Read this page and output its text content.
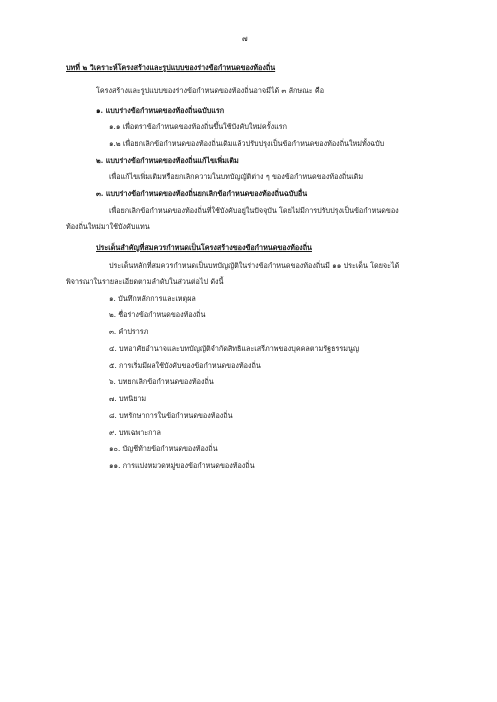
๗
บทที่ ๒ วิเคราะห์โครงสร้างและรูปแบบของร่างข้อกำหนดของท้องถิ่น
โครงสร้างและรูปแบบของร่างข้อกำหนดของท้องถิ่นอาจมีได้ ๓ ลักษณะ คือ
๑. แบบร่างข้อกำหนดของท้องถิ่นฉบับแรก
๑.๑ เพื่อตราข้อกำหนดของท้องถิ่นขึ้นใช้บังคับใหม่ครั้งแรก
๑.๒ เพื่อยกเลิกข้อกำหนดของท้องถิ่นเดิมแล้วปรับปรุงเป็นข้อกำหนดของท้องถิ่นใหม่ทั้งฉบับ
๒. แบบร่างข้อกำหนดของท้องถิ่นแก้ไขเพิ่มเติม
เพื่อแก้ไขเพิ่มเติมหรือยกเลิกความในบทบัญญัติต่าง ๆ ของข้อกำหนดของท้องถิ่นเดิม
๓. แบบร่างข้อกำหนดของท้องถิ่นยกเลิกข้อกำหนดของท้องถิ่นฉบับอื่น
เพื่อยกเลิกข้อกำหนดของท้องถิ่นที่ใช้บังคับอยู่ในปัจจุบัน โดยไม่มีการปรับปรุงเป็นข้อกำหนดของ
ท้องถิ่นใหม่มาใช้บังคับแทน
ประเด็นสำคัญที่สมควรกำหนดเป็นโครงสร้างของข้อกำหนดของท้องถิ่น
ประเด็นหลักที่สมควรกำหนดเป็นบทบัญญัติในร่างข้อกำหนดของท้องถิ่นมี ๑๑ ประเด็น โดยจะได้
พิจารณาในรายละเอียดตามลำดับในส่วนต่อไป ดังนี้
๑. บันทึกหลักการและเหตุผล
๒. ชื่อร่างข้อกำหนดของท้องถิ่น
๓. คำปรารภ
๔. บทอาศัยอำนาจและบทบัญญัติจำกัดสิทธิและเสรีภาพของบุคคลตามรัฐธรรมนูญ
๕. การเริ่มมีผลใช้บังคับของข้อกำหนดของท้องถิ่น
๖. บทยกเลิกข้อกำหนดของท้องถิ่น
๗. บทนิยาม
๘. บทรักษาการในข้อกำหนดของท้องถิ่น
๙. บทเฉพาะกาล
๑๐. บัญชีท้ายข้อกำหนดของท้องถิ่น
๑๑. การแบ่งหมวดหมู่ของข้อกำหนดของท้องถิ่น
